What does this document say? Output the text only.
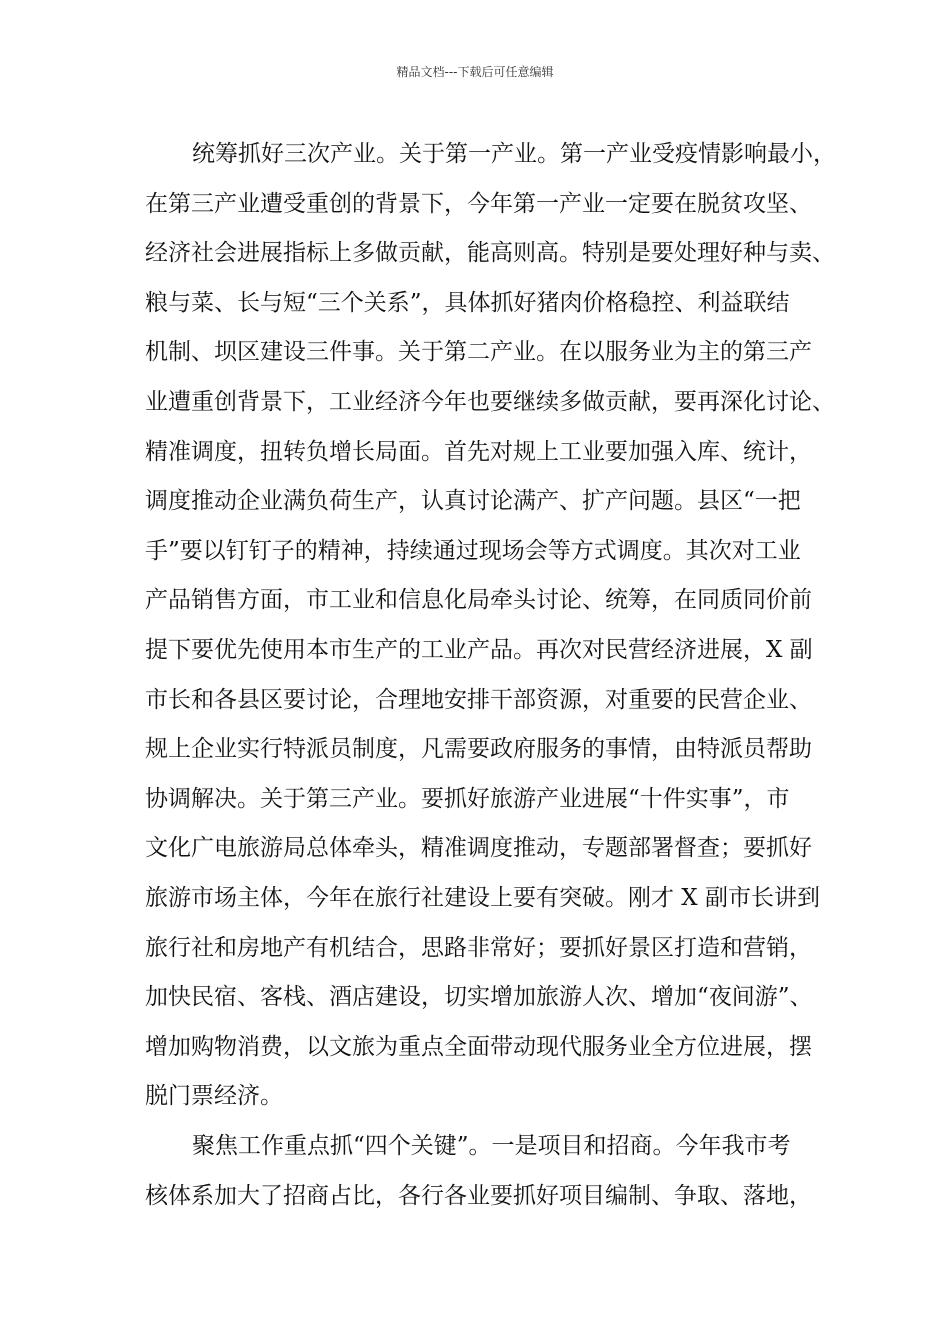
精品文档---下载后可任意编辑
统筹抓好三次产业。关于第一产业。第一产业受疫情影响最小，
在第三产业遭受重创的背景下，今年第一产业一定要在脱贫攻坚、
经济社会进展指标上多做贡献，能高则高。特别是要处理好种与卖、
粮与菜、长与短“三个关系”，具体抓好猪肉价格稳控、利益联结
机制、坝区建设三件事。关于第二产业。在以服务业为主的第三产
业遭重创背景下，工业经济今年也要继续多做贡献，要再深化讨论、
精准调度，扭转负增长局面。首先对规上工业要加强入库、统计，
调度推动企业满负荷生产，认真讨论满产、扩产问题。县区“一把
手”要以钉钉子的精神，持续通过现场会等方式调度。其次对工业
产品销售方面，市工业和信息化局牵头讨论、统筹，在同质同价前
提下要优先使用本市生产的工业产品。再次对民营经济进展，X 副
市长和各县区要讨论，合理地安排干部资源，对重要的民营企业、
规上企业实行特派员制度，凡需要政府服务的事情，由特派员帮助
协调解决。关于第三产业。要抓好旅游产业进展“十件实事”，市
文化广电旅游局总体牵头，精准调度推动，专题部署督查；要抓好
旅游市场主体，今年在旅行社建设上要有突破。刚才 X 副市长讲到
旅行社和房地产有机结合，思路非常好；要抓好景区打造和营销，
加快民宿、客栈、酒店建设，切实增加旅游人次、增加“夜间游”、
增加购物消费，以文旅为重点全面带动现代服务业全方位进展，摆
脱门票经济。
聚焦工作重点抓“四个关键”。一是项目和招商。今年我市考
核体系加大了招商占比，各行各业要抓好项目编制、争取、落地，
